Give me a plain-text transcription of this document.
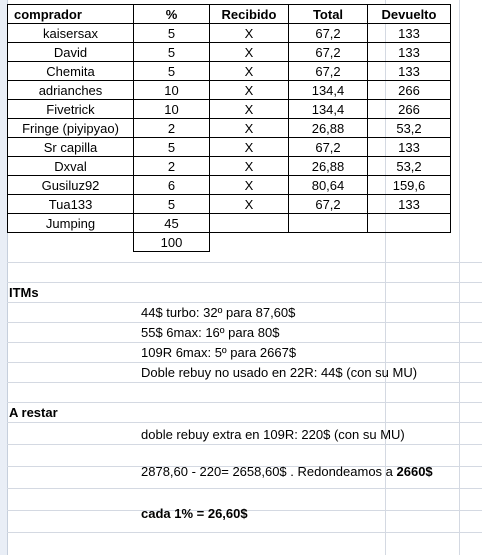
comprador	%	Recibido	Total	Devuelto
kaisersax	5	X	67,2	133
David	5	X	67,2	133
Chemita	5	X	67,2	133
adrianches	10	X	134,4	266
Fivetrick	10	X	134,4	266
Fringe (piyipyao)	2	X	26,88	53,2
Sr capilla	5	X	67,2	133
Dxval	2	X	26,88	53,2
Gusiluz92	6	X	80,64	159,6
Tua133	5	X	67,2	133
Jumping	45			
	100			
ITMs
44$ turbo: 32º para 87,60$
55$ 6max: 16º para 80$
109R 6max: 5º para 2667$
Doble rebuy no usado en 22R: 44$ (con su MU)
A restar
doble rebuy extra en 109R: 220$ (con su MU)
2878,60 - 220= 2658,60$ . Redondeamos a 2660$
cada 1% = 26,60$
